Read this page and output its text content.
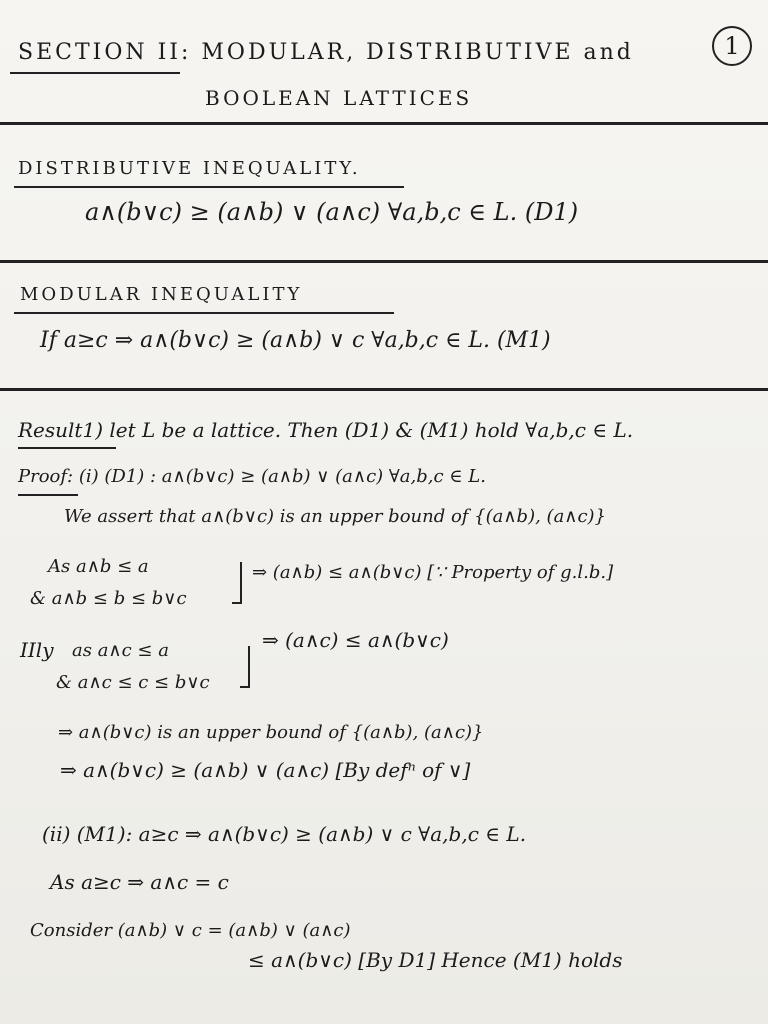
SECTION II: MODULAR, DISTRIBUTIVE and
BOOLEAN LATTICES
1
DISTRIBUTIVE INEQUALITY.
a∧(b∨c) ≥ (a∧b) ∨ (a∧c) ∀a,b,c ∈ L. (D1)
MODULAR INEQUALITY
If a≥c ⇒ a∧(b∨c) ≥ (a∧b) ∨ c ∀a,b,c ∈ L. (M1)
Result1) let L be a lattice. Then (D1) & (M1) hold ∀a,b,c ∈ L.
Proof: (i) (D1) : a∧(b∨c) ≥ (a∧b) ∨ (a∧c) ∀a,b,c ∈ L.
We assert that a∧(b∨c) is an upper bound of {(a∧b), (a∧c)}
As a∧b ≤ a
& a∧b ≤ b ≤ b∨c
⇒ (a∧b) ≤ a∧(b∨c) [∵ Property of g.l.b.]
IIly as a∧c ≤ a
& a∧c ≤ c ≤ b∨c
⇒ (a∧c) ≤ a∧(b∨c)
⇒ a∧(b∨c) is an upper bound of {(a∧b), (a∧c)}
⇒ a∧(b∨c) ≥ (a∧b) ∨ (a∧c) [By defⁿ of ∨]
(ii) (M1): a≥c ⇒ a∧(b∨c) ≥ (a∧b) ∨ c ∀a,b,c ∈ L.
As a≥c ⇒ a∧c = c
Consider (a∧b) ∨ c = (a∧b) ∨ (a∧c)
≤ a∧(b∨c) [By D1] Hence (M1) holds
